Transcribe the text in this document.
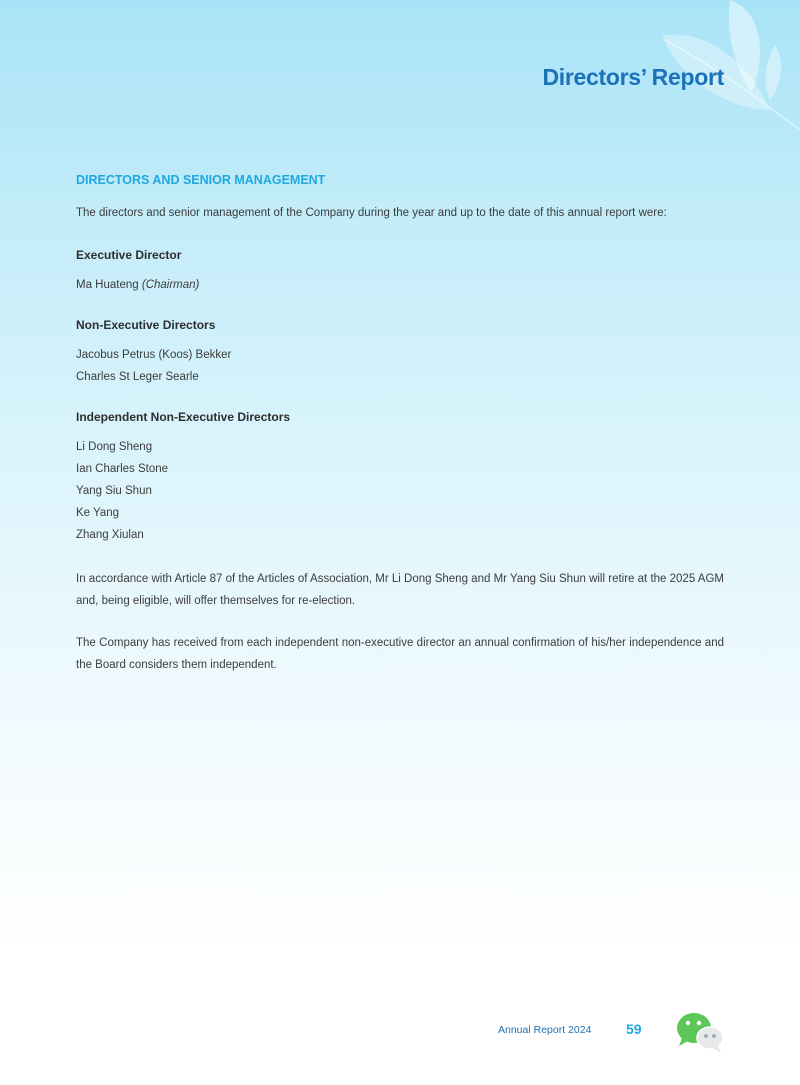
Directors’ Report
DIRECTORS AND SENIOR MANAGEMENT

The directors and senior management of the Company during the year and up to the date of this annual report were:

Executive Director

Ma Huateng (Chairman)

Non-Executive Directors

Jacobus Petrus (Koos) Bekker

Charles St Leger Searle

Independent Non-Executive Directors

Li Dong Sheng

Ian Charles Stone

Yang Siu Shun

Ke Yang

Zhang Xiulan

In accordance with Article 87 of the Articles of Association, Mr Li Dong Sheng and Mr Yang Siu Shun will retire at the 2025 AGM and, being eligible, will offer themselves for re-election.

The Company has received from each independent non-executive director an annual confirmation of his/her independence and the Board considers them independent.

Annual Report 2024 59
